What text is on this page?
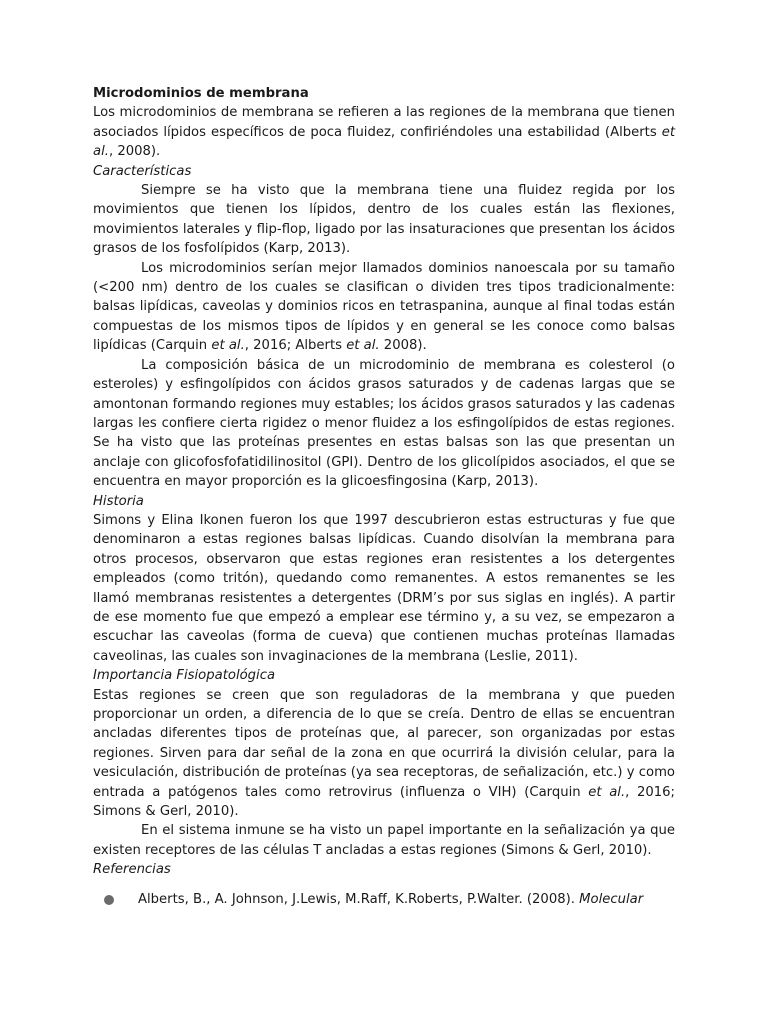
Microdominios de membrana

Los microdominios de membrana se refieren a las regiones de la membrana que tienen asociados lípidos específicos de poca fluidez, confiriéndoles una estabilidad (Alberts et al., 2008).

Características

Siempre se ha visto que la membrana tiene una fluidez regida por los movimientos que tienen los lípidos, dentro de los cuales están las flexiones, movimientos laterales y flip-flop, ligado por las insaturaciones que presentan los ácidos grasos de los fosfolípidos (Karp, 2013).

Los microdominios serían mejor llamados dominios nanoescala por su tamaño (<200 nm) dentro de los cuales se clasifican o dividen tres tipos tradicionalmente: balsas lipídicas, caveolas y dominios ricos en tetraspanina, aunque al final todas están compuestas de los mismos tipos de lípidos y en general se les conoce como balsas lipídicas (Carquin et al., 2016; Alberts et al. 2008).

La composición básica de un microdominio de membrana es colesterol (o esteroles) y esfingolípidos con ácidos grasos saturados y de cadenas largas que se amontonan formando regiones muy estables; los ácidos grasos saturados y las cadenas largas les confiere cierta rigidez o menor fluidez a los esfingolípidos de estas regiones. Se ha visto que las proteínas presentes en estas balsas son las que presentan un anclaje con glicofosfofatidilinositol (GPI). Dentro de los glicolípidos asociados, el que se encuentra en mayor proporción es la glicoesfingosina (Karp, 2013).

Historia

Simons y Elina Ikonen fueron los que 1997 descubrieron estas estructuras y fue que denominaron a estas regiones balsas lipídicas. Cuando disolvían la membrana para otros procesos, observaron que estas regiones eran resistentes a los detergentes empleados (como tritón), quedando como remanentes. A estos remanentes se les llamó membranas resistentes a detergentes (DRM’s por sus siglas en inglés). A partir de ese momento fue que empezó a emplear ese término y, a su vez, se empezaron a escuchar las caveolas (forma de cueva) que contienen muchas proteínas llamadas caveolinas, las cuales son invaginaciones de la membrana (Leslie, 2011).

Importancia Fisiopatológica

Estas regiones se creen que son reguladoras de la membrana y que pueden proporcionar un orden, a diferencia de lo que se creía. Dentro de ellas se encuentran ancladas diferentes tipos de proteínas que, al parecer, son organizadas por estas regiones. Sirven para dar señal de la zona en que ocurrirá la división celular, para la vesiculación, distribución de proteínas (ya sea receptoras, de señalización, etc.) y como entrada a patógenos tales como retrovirus (influenza o VIH) (Carquin et al., 2016; Simons & Gerl, 2010).

En el sistema inmune se ha visto un papel importante en la señalización ya que existen receptores de las células T ancladas a estas regiones (Simons & Gerl, 2010).

Referencias
Alberts, B., A. Johnson, J.Lewis, M.Raff, K.Roberts, P.Walter. (2008). Molecular
